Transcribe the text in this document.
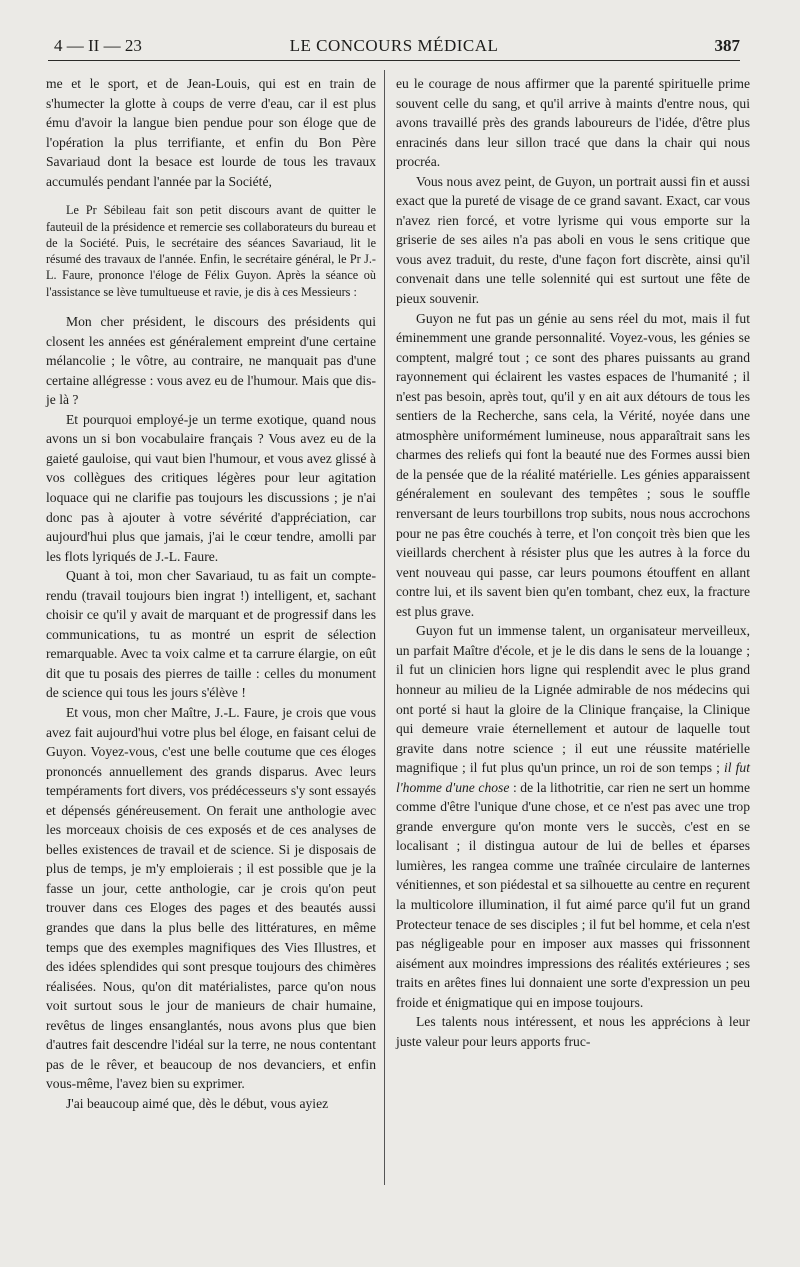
4 — II — 23	LE CONCOURS MÉDICAL	387

me et le sport, et de Jean-Louis, qui est en train de s'humecter la glotte à coups de verre d'eau, car il est plus ému d'avoir la langue bien pendue pour son éloge que de l'opération la plus terrifiante, et enfin du Bon Père Savariaud dont la besace est lourde de tous les travaux accumulés pendant l'année par la Société,

Le Pr Sébileau fait son petit discours avant de quitter le fauteuil de la présidence et remercie ses collaborateurs du bureau et de la Société. Puis, le secrétaire des séances Savariaud, lit le résumé des travaux de l'année. Enfin, le secrétaire général, le Pr J.-L. Faure, prononce l'éloge de Félix Guyon. Après la séance où l'assistance se lève tumultueuse et ravie, je dis à ces Messieurs :

Mon cher président, le discours des présidents qui closent les années est généralement empreint d'une certaine mélancolie ; le vôtre, au contraire, ne manquait pas d'une certaine allégresse : vous avez eu de l'humour. Mais que dis-je là ?

Et pourquoi employé-je un terme exotique, quand nous avons un si bon vocabulaire français ? Vous avez eu de la gaieté gauloise, qui vaut bien l'humour, et vous avez glissé à vos collègues des critiques légères pour leur agitation loquace qui ne clarifie pas toujours les discussions ; je n'ai donc pas à ajouter à votre sévérité d'appréciation, car aujourd'hui plus que jamais, j'ai le cœur tendre, amolli par les flots lyriqués de J.-L. Faure.

Quant à toi, mon cher Savariaud, tu as fait un compte-rendu (travail toujours bien ingrat !) intelligent, et, sachant choisir ce qu'il y avait de marquant et de progressif dans les communications, tu as montré un esprit de sélection remarquable. Avec ta voix calme et ta carrure élargie, on eût dit que tu posais des pierres de taille : celles du monument de science qui tous les jours s'élève !

Et vous, mon cher Maître, J.-L. Faure, je crois que vous avez fait aujourd'hui votre plus bel éloge, en faisant celui de Guyon. Voyez-vous, c'est une belle coutume que ces éloges prononcés annuellement des grands disparus. Avec leurs tempéraments fort divers, vos prédécesseurs s'y sont essayés et dépensés généreusement. On ferait une anthologie avec les morceaux choisis de ces exposés et de ces analyses de belles existences de travail et de science. Si je disposais de plus de temps, je m'y emploierais ; il est possible que je la fasse un jour, cette anthologie, car je crois qu'on peut trouver dans ces Eloges des pages et des beautés aussi grandes que dans la plus belle des littératures, en même temps que des exemples magnifiques des Vies Illustres, et des idées splendides qui sont presque toujours des chimères réalisées. Nous, qu'on dit matérialistes, parce qu'on nous voit surtout sous le jour de manieurs de chair humaine, revêtus de linges ensanglantés, nous avons plus que bien d'autres fait descendre l'idéal sur la terre, ne nous contentant pas de le rêver, et beaucoup de nos devanciers, et enfin vous-même, l'avez bien su exprimer.

J'ai beaucoup aimé que, dès le début, vous ayiez

eu le courage de nous affirmer que la parenté spirituelle prime souvent celle du sang, et qu'il arrive à maints d'entre nous, qui avons travaillé près des grands laboureurs de l'idée, d'être plus enracinés dans leur sillon tracé que dans la chair qui nous procréa.

Vous nous avez peint, de Guyon, un portrait aussi fin et aussi exact que la pureté de visage de ce grand savant. Exact, car vous n'avez rien forcé, et votre lyrisme qui vous emporte sur la griserie de ses ailes n'a pas aboli en vous le sens critique que vous avez traduit, du reste, d'une façon fort discrète, ainsi qu'il convenait dans une telle solennité qui est surtout une fête de pieux souvenir.

Guyon ne fut pas un génie au sens réel du mot, mais il fut éminemment une grande personnalité. Voyez-vous, les génies se comptent, malgré tout ; ce sont des phares puissants au grand rayonnement qui éclairent les vastes espaces de l'humanité ; il n'est pas besoin, après tout, qu'il y en ait aux détours de tous les sentiers de la Recherche, sans cela, la Vérité, noyée dans une atmosphère uniformément lumineuse, nous apparaîtrait sans les charmes des reliefs qui font la beauté nue des Formes aussi bien de la pensée que de la réalité matérielle. Les génies apparaissent généralement en soulevant des tempêtes ; sous le souffle renversant de leurs tourbillons trop subits, nous nous accrochons pour ne pas être couchés à terre, et l'on conçoit très bien que les vieillards cherchent à résister plus que les autres à la force du vent nouveau qui passe, car leurs poumons étouffent en allant contre lui, et ils savent bien qu'en tombant, chez eux, la fracture est plus grave.

Guyon fut un immense talent, un organisateur merveilleux, un parfait Maître d'école, et je le dis dans le sens de la louange ; il fut un clinicien hors ligne qui resplendit avec le plus grand honneur au milieu de la Lignée admirable de nos médecins qui ont porté si haut la gloire de la Clinique française, la Clinique qui demeure vraie éternellement et autour de laquelle tout gravite dans notre science ; il eut une réussite matérielle magnifique ; il fut plus qu'un prince, un roi de son temps ; il fut l'homme d'une chose : de la lithotritie, car rien ne sert un homme comme d'être l'unique d'une chose, et ce n'est pas avec une trop grande envergure qu'on monte vers le succès, c'est en se localisant ; il distingua autour de lui de belles et éparses lumières, les rangea comme une traînée circulaire de lanternes vénitiennes, et son piédestal et sa silhouette au centre en reçurent la multicolore illumination, il fut aimé parce qu'il fut un grand Protecteur tenace de ses disciples ; il fut bel homme, et cela n'est pas négligeable pour en imposer aux masses qui frissonnent aisément aux moindres impressions des réalités extérieures ; ses traits en arêtes fines lui donnaient une sorte d'expression un peu froide et énigmatique qui en impose toujours.

Les talents nous intéressent, et nous les apprécions à leur juste valeur pour leurs apports fruc-
